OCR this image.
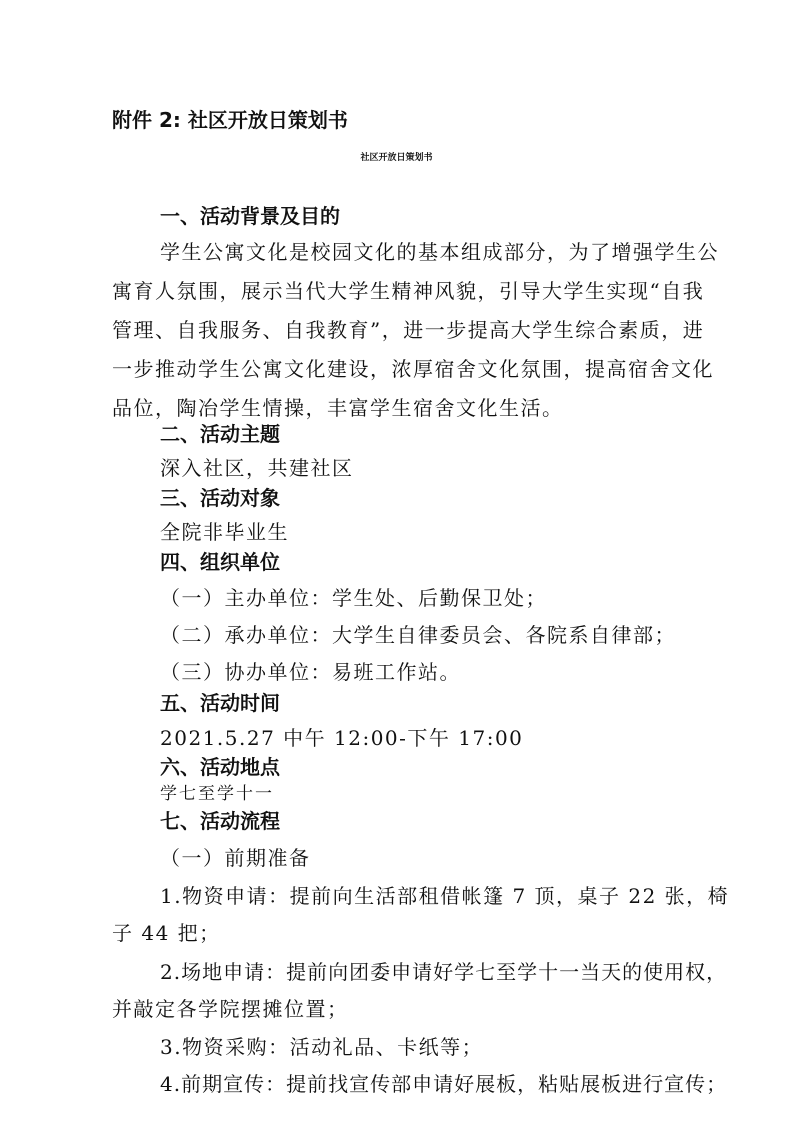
附件 2: 社区开放日策划书
社区开放日策划书
一、活动背景及目的
学生公寓文化是校园文化的基本组成部分，为了增强学生公
寓育人氛围，展示当代大学生精神风貌，引导大学生实现“自我
管理、自我服务、自我教育”，进一步提高大学生综合素质，进
一步推动学生公寓文化建设，浓厚宿舍文化氛围，提高宿舍文化
品位，陶冶学生情操，丰富学生宿舍文化生活。
二、活动主题
深入社区，共建社区
三、活动对象
全院非毕业生
四、组织单位
（一）主办单位：学生处、后勤保卫处；
（二）承办单位：大学生自律委员会、各院系自律部；
（三）协办单位：易班工作站。
五、活动时间
2021.5.27 中午 12:00-下午 17:00
六、活动地点
学七至学十一
七、活动流程
（一）前期准备
1.物资申请：提前向生活部租借帐篷 7 顶，桌子 22 张，椅
子 44 把；
2.场地申请：提前向团委申请好学七至学十一当天的使用权，
并敲定各学院摆摊位置；
3.物资采购：活动礼品、卡纸等；
4.前期宣传：提前找宣传部申请好展板，粘贴展板进行宣传；
